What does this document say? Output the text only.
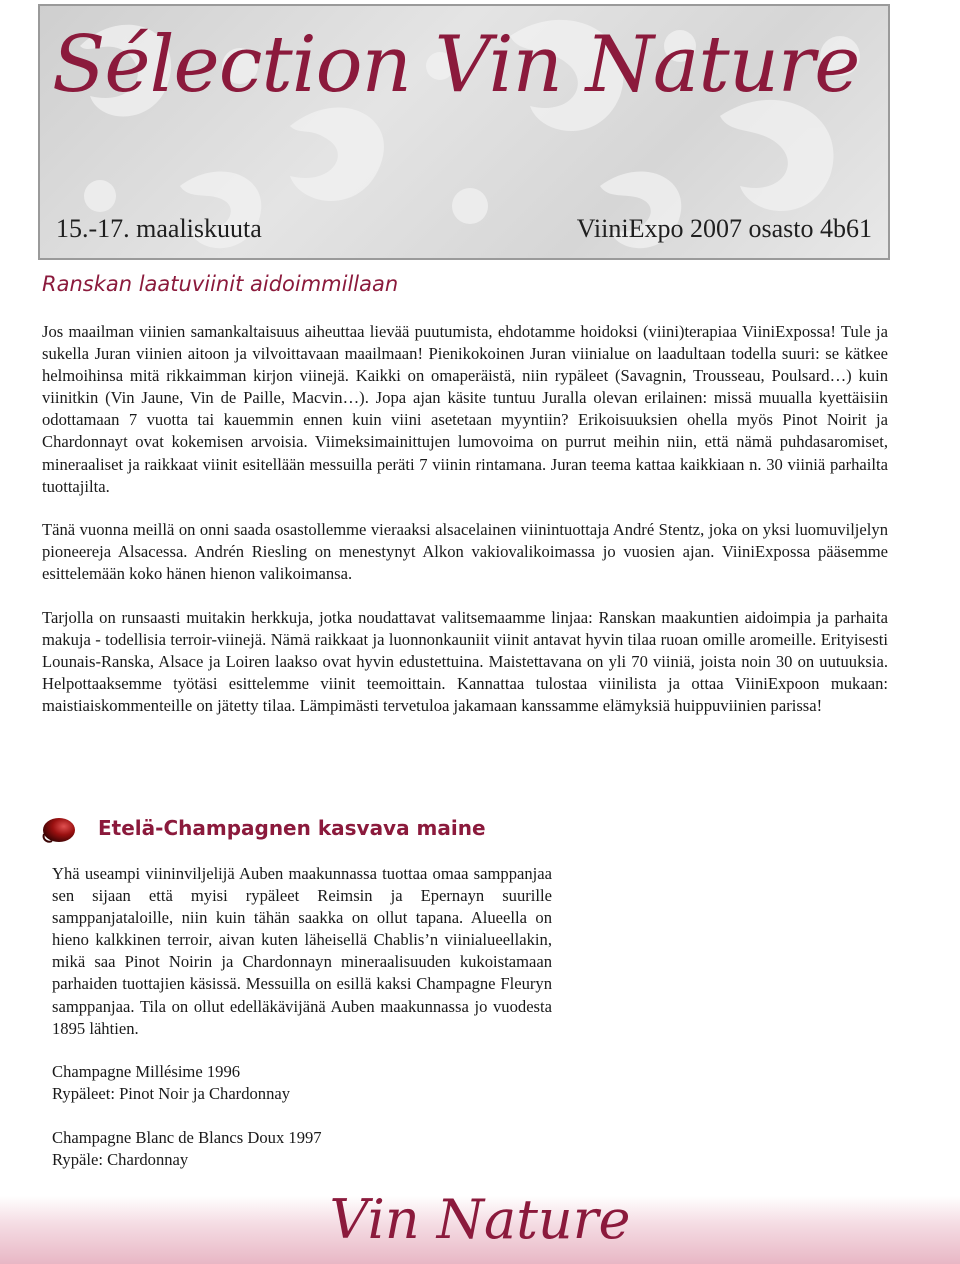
Sélection Vin Nature
15.-17. maaliskuuta	ViiniExpo 2007 osasto 4b61
Ranskan laatuviinit aidoimmillaan

Jos maailman viinien samankaltaisuus aiheuttaa lievää puutumista, ehdotamme hoidoksi (viini)terapiaa ViiniExpossa! Tule ja sukella Juran viinien aitoon ja vilvoittavaan maailmaan! Pienikokoinen Juran viinialue on laadultaan todella suuri: se kätkee helmoihinsa mitä rikkaimman kirjon viinejä. Kaikki on omaperäistä, niin rypäleet (Savagnin, Trousseau, Poulsard…) kuin viinitkin (Vin Jaune, Vin de Paille, Macvin…). Jopa ajan käsite tuntuu Juralla olevan erilainen: missä muualla kyettäisiin odottamaan 7 vuotta tai kauemmin ennen kuin viini asetetaan myyntiin? Erikoisuuksien ohella myös Pinot Noirit ja Chardonnayt ovat kokemisen arvoisia. Viimeksimainittujen lumovoima on purrut meihin niin, että nämä puhdasaromiset, mineraaliset ja raikkaat viinit esitellään messuilla peräti 7 viinin rintamana. Juran teema kattaa kaikkiaan n. 30 viiniä parhailta tuottajilta.

Tänä vuonna meillä on onni saada osastollemme vieraaksi alsacelainen viinintuottaja André Stentz, joka on yksi luomuviljelyn pioneereja Alsacessa. Andrén Riesling on menestynyt Alkon vakiovalikoimassa jo vuosien ajan. ViiniExpossa pääsemme esittelemään koko hänen hienon valikoimansa.

Tarjolla on runsaasti muitakin herkkuja, jotka noudattavat valitsemaamme linjaa: Ranskan maakuntien aidoimpia ja parhaita makuja - todellisia terroir-viinejä. Nämä raikkaat ja luonnonkauniit viinit antavat hyvin tilaa ruoan omille aromeille. Erityisesti Lounais-Ranska, Alsace ja Loiren laakso ovat hyvin edustettuina. Maistettavana on yli 70 viiniä, joista noin 30 on uutuuksia. Helpottaaksemme työtäsi esittelemme viinit teemoittain. Kannattaa tulostaa viinilista ja ottaa ViiniExpoon mukaan: maistiaiskommenteille on jätetty tilaa. Lämpimästi tervetuloa jakamaan kanssamme elämyksiä huippuviinien parissa!

Etelä-Champagnen kasvava maine

Yhä useampi viininviljelijä Auben maakunnassa tuottaa omaa samppanjaa sen sijaan että myisi rypäleet Reimsin ja Epernayn suurille samppanjataloille, niin kuin tähän saakka on ollut tapana. Alueella on hieno kalkkinen terroir, aivan kuten läheisellä Chablis’n viinialueellakin, mikä saa Pinot Noirin ja Chardonnayn mineraalisuuden kukoistamaan parhaiden tuottajien käsissä. Messuilla on esillä kaksi Champagne Fleuryn samppanjaa. Tila on ollut edelläkävijänä Auben maakunnassa jo vuodesta 1895 lähtien.

Champagne Millésime 1996

Rypäleet: Pinot Noir ja Chardonnay

Champagne Blanc de Blancs Doux 1997

Rypäle: Chardonnay

Vin Nature
